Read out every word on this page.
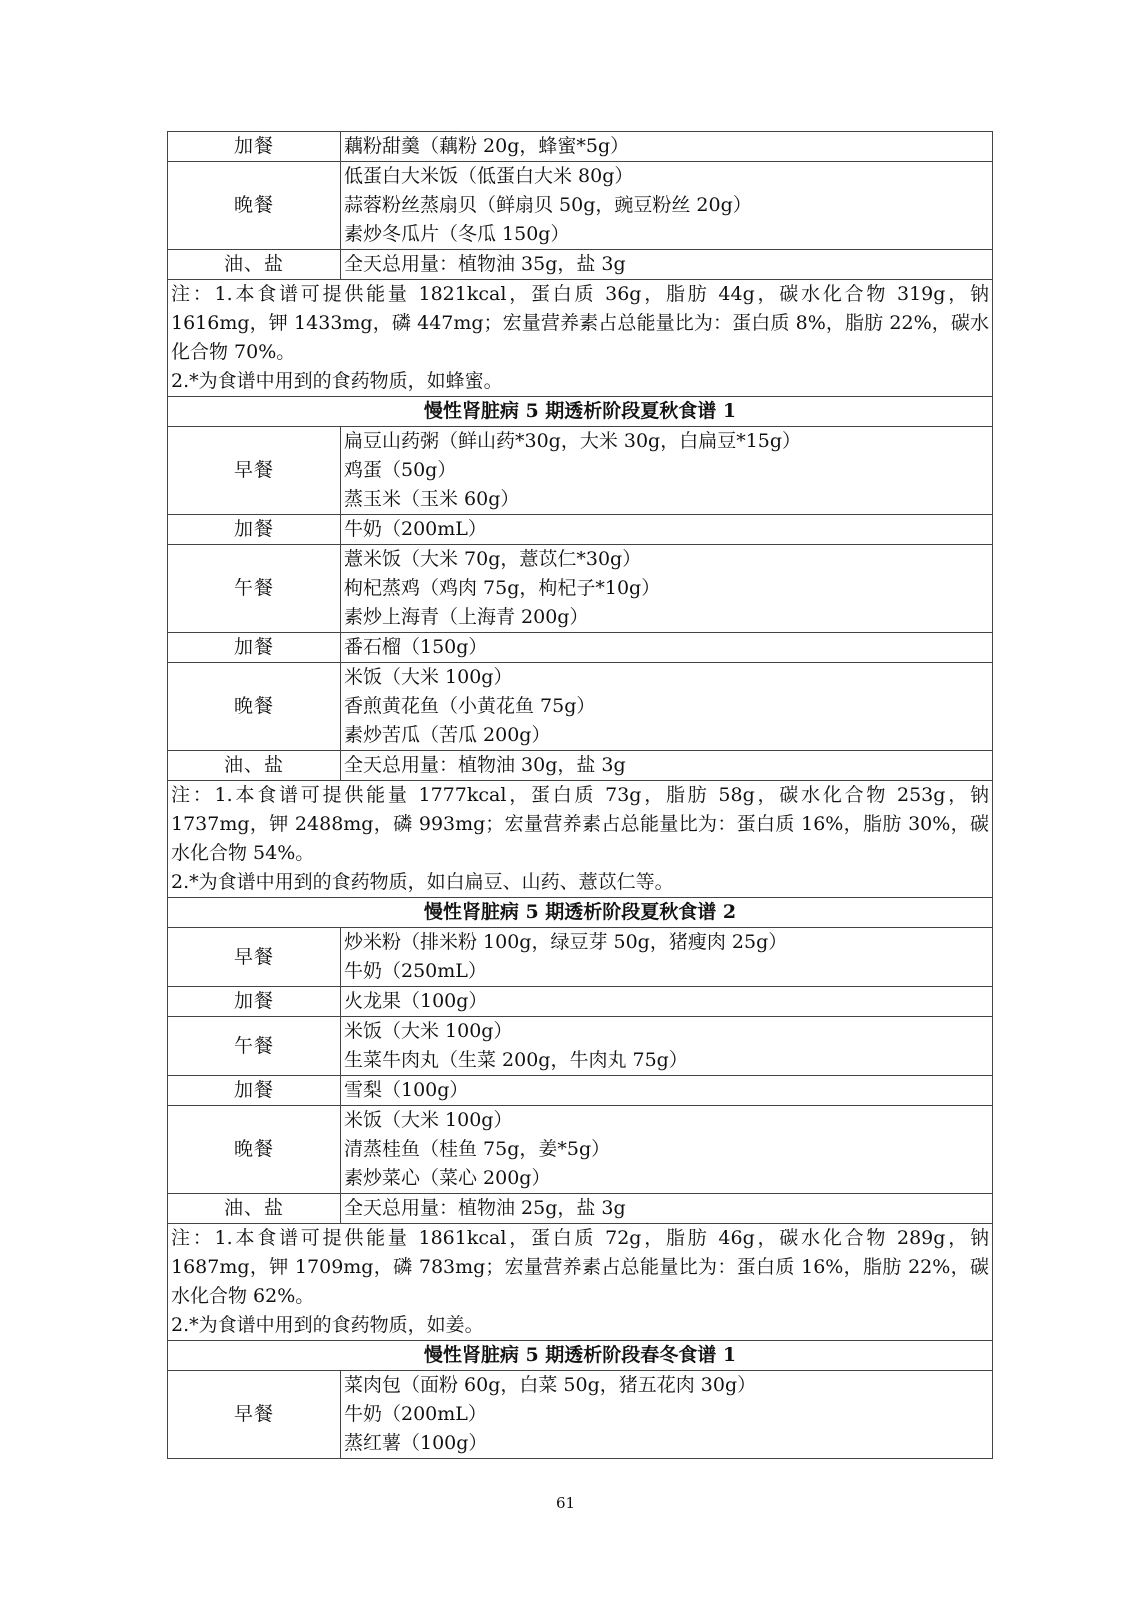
加餐	藕粉甜羹（藕粉 20g，蜂蜜*5g）

晚餐	低蛋白大米饭（低蛋白大米 80g）
蒜蓉粉丝蒸扇贝（鲜扇贝 50g，豌豆粉丝 20g）
素炒冬瓜片（冬瓜 150g）

油、盐	全天总用量：植物油 35g，盐 3g

注：1.本食谱可提供能量 1821kcal，蛋白质 36g，脂肪 44g，碳水化合物 319g，钠 1616mg，钾 1433mg，磷 447mg；宏量营养素占总能量比为：蛋白质 8%，脂肪 22%，碳水化合物 70%。
2.*为食谱中用到的食药物质，如蜂蜜。	

慢性肾脏病 5 期透析阶段夏秋食谱 1	
早餐	扁豆山药粥（鲜山药*30g，大米 30g，白扁豆*15g）
鸡蛋（50g）
蒸玉米（玉米 60g）

加餐	牛奶（200mL）

午餐	薏米饭（大米 70g，薏苡仁*30g）
枸杞蒸鸡（鸡肉 75g，枸杞子*10g）
素炒上海青（上海青 200g）

加餐	番石榴（150g）

晚餐	米饭（大米 100g）
香煎黄花鱼（小黄花鱼 75g）
素炒苦瓜（苦瓜 200g）

油、盐	全天总用量：植物油 30g，盐 3g

注：1.本食谱可提供能量 1777kcal，蛋白质 73g，脂肪 58g，碳水化合物 253g，钠 1737mg，钾 2488mg，磷 993mg；宏量营养素占总能量比为：蛋白质 16%，脂肪 30%，碳水化合物 54%。
2.*为食谱中用到的食药物质，如白扁豆、山药、薏苡仁等。	

慢性肾脏病 5 期透析阶段夏秋食谱 2	
早餐	炒米粉（排米粉 100g，绿豆芽 50g，猪瘦肉 25g）
牛奶（250mL）

加餐	火龙果（100g）

午餐	米饭（大米 100g）
生菜牛肉丸（生菜 200g，牛肉丸 75g）

加餐	雪梨（100g）

晚餐	米饭（大米 100g）
清蒸桂鱼（桂鱼 75g，姜*5g）
素炒菜心（菜心 200g）

油、盐	全天总用量：植物油 25g，盐 3g

注：1.本食谱可提供能量 1861kcal，蛋白质 72g，脂肪 46g，碳水化合物 289g，钠 1687mg，钾 1709mg，磷 783mg；宏量营养素占总能量比为：蛋白质 16%，脂肪 22%，碳水化合物 62%。
2.*为食谱中用到的食药物质，如姜。	

慢性肾脏病 5 期透析阶段春冬食谱 1	
早餐	菜肉包（面粉 60g，白菜 50g，猪五花肉 30g）
牛奶（200mL）
蒸红薯（100g）
61
